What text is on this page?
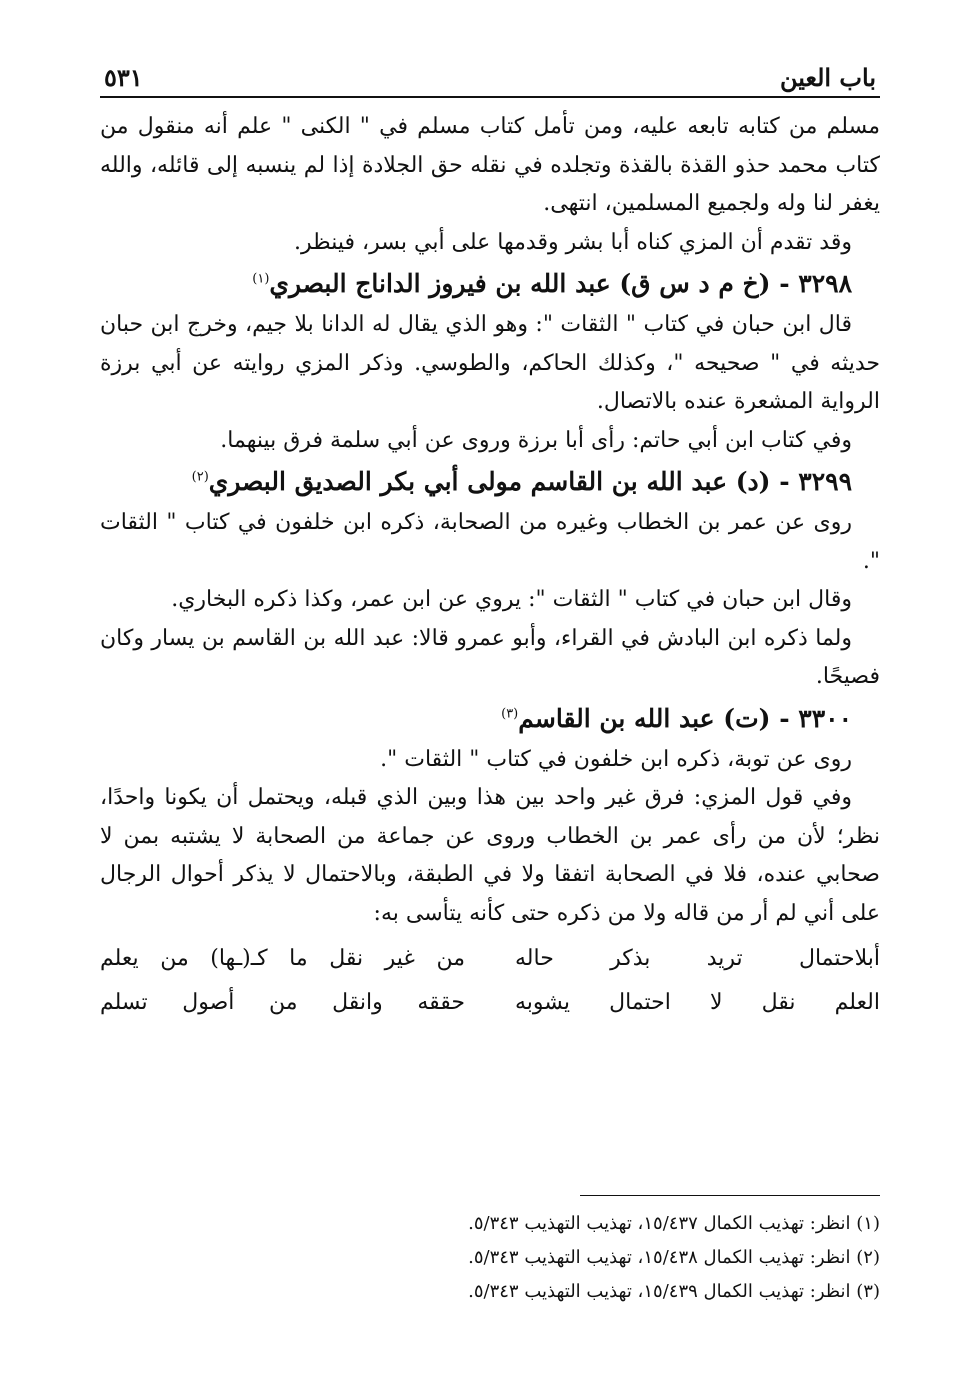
باب العين
٥٣١

مسلم من كتابه تابعه عليه، ومن تأمل كتاب مسلم في " الكنى " علم أنه منقول من كتاب محمد حذو القذة بالقذة وتجلده في نقله حق الجلادة إذا لم ينسبه إلى قائله، والله يغفر لنا وله ولجميع المسلمين، انتهى.

وقد تقدم أن المزي كناه أبا بشر وقدمها على أبي بسر، فينظر.

٣٢٩٨ - (خ م د س ق) عبد الله بن فيروز الداناج البصري$^{(١)}$

قال ابن حبان في كتاب " الثقات ": وهو الذي يقال له الدانا بلا جيم، وخرج ابن حبان حديثه في " صحيحه "، وكذلك الحاكم، والطوسي. وذكر المزي روايته عن أبي برزة الرواية المشعرة عنده بالاتصال.

وفي كتاب ابن أبي حاتم: رأى أبا برزة وروى عن أبي سلمة فرق بينهما.

٣٢٩٩ - (د) عبد الله بن القاسم مولى أبي بكر الصديق البصري$^{(٢)}$

روى عن عمر بن الخطاب وغيره من الصحابة، ذكره ابن خلفون في كتاب " الثقات ".

وقال ابن حبان في كتاب " الثقات ": يروي عن ابن عمر، وكذا ذكره البخاري.

ولما ذكره ابن البادش في القراء، وأبو عمرو قالا: عبد الله بن القاسم بن يسار وكان فصيحًا.

٣٣٠٠ - (ت) عبد الله بن القاسم$^{(٣)}$

روى عن توبة، ذكره ابن خلفون في كتاب " الثقات ".

وفي قول المزي: فرق غير واحد بين هذا وبين الذي قبله، ويحتمل أن يكونا واحدًا، نظر؛ لأن من رأى عمر بن الخطاب وروى عن جماعة من الصحابة لا يشتبه بمن لا صحابي عنده، فلا في الصحابة اتفقا ولا في الطبقة، وبالاحتمال لا يذكر أحوال الرجال على أني لم أر من قاله ولا من ذكره حتى كأنه يتأسى به:

أبلاحتمال تريد بذكر حاله
من غير نقل ما كـ(ـها) من يعلم
العلم نقل لا احتمال يشوبه
حققه وانقل من أصول تسلم
(١) انظر: تهذيب الكمال ١٥/٤٣٧، تهذيب التهذيب ٥/٣٤٣.
(٢) انظر: تهذيب الكمال ١٥/٤٣٨، تهذيب التهذيب ٥/٣٤٣.
(٣) انظر: تهذيب الكمال ١٥/٤٣٩، تهذيب التهذيب ٥/٣٤٣.
